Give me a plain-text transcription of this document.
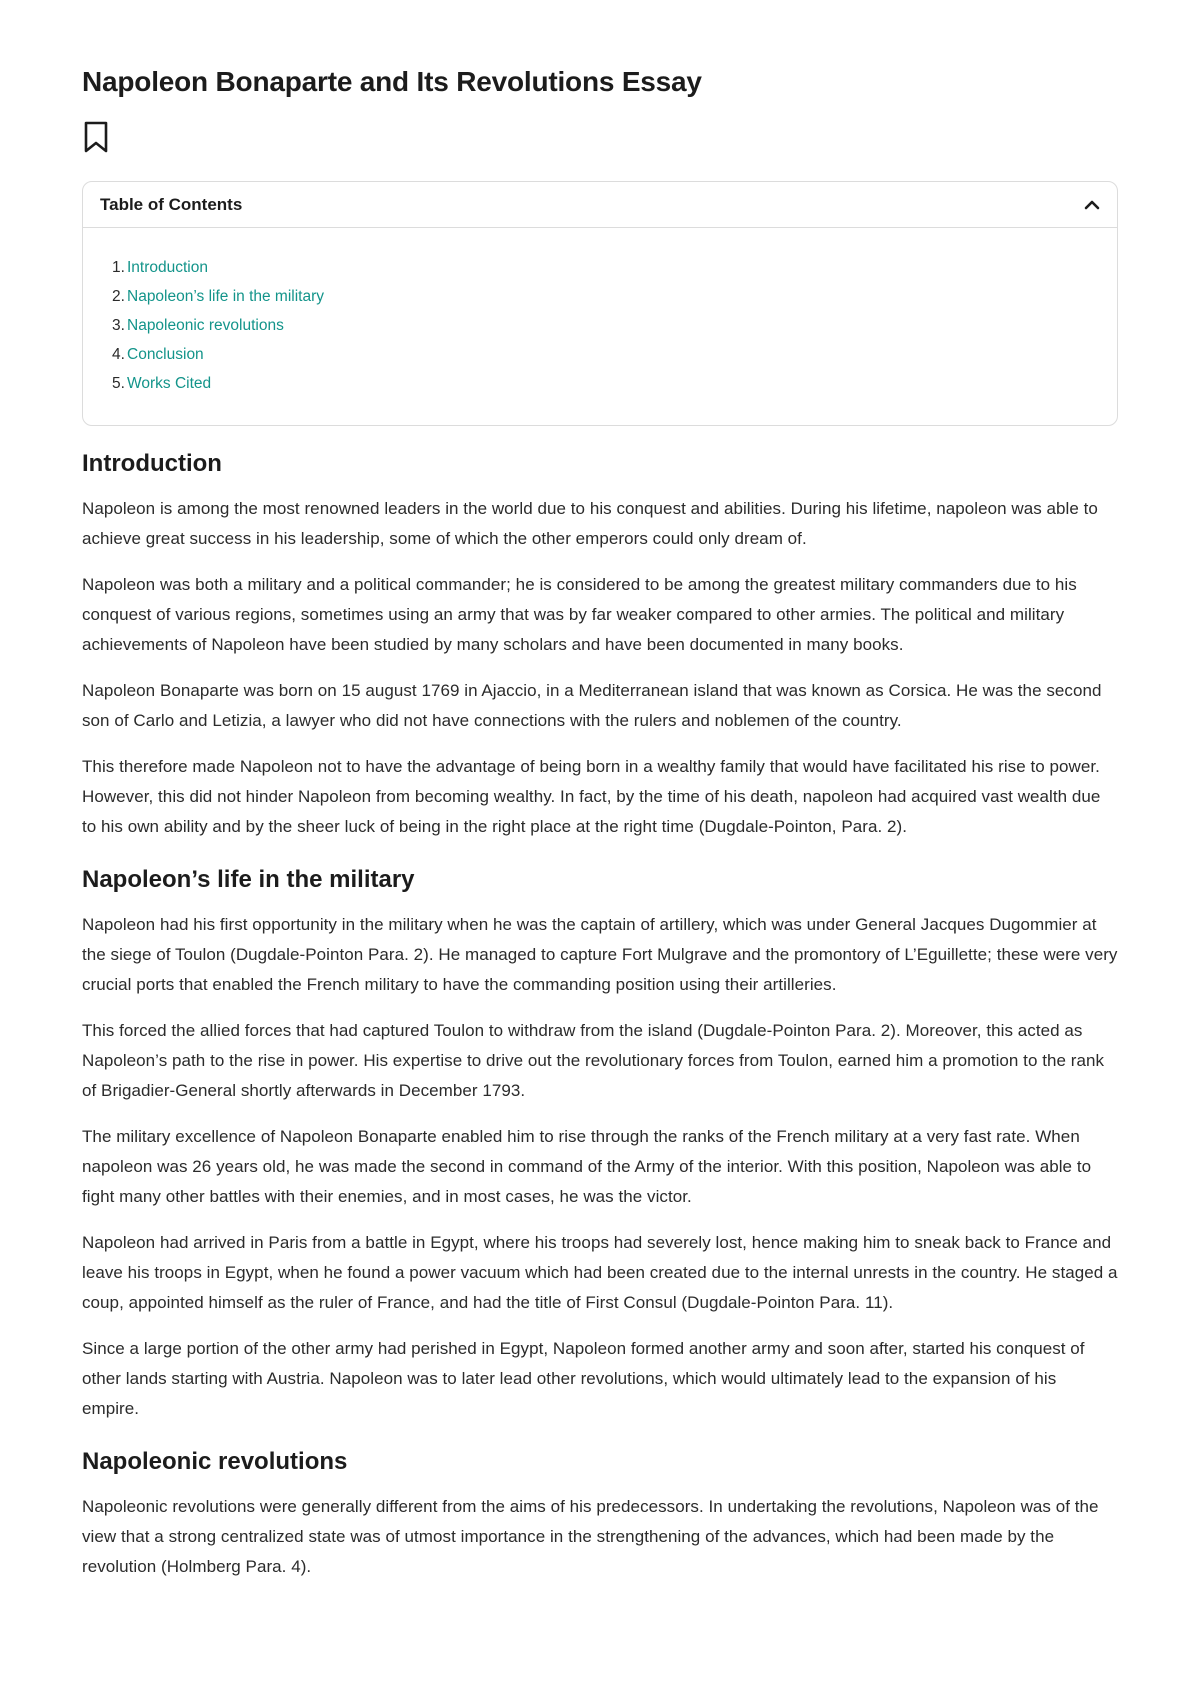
Napoleon Bonaparte and Its Revolutions Essay
Table of Contents
1. Introduction
2. Napoleon’s life in the military
3. Napoleonic revolutions
4. Conclusion
5. Works Cited
Introduction

Napoleon is among the most renowned leaders in the world due to his conquest and abilities. During his lifetime, napoleon was able to achieve great success in his leadership, some of which the other emperors could only dream of.

Napoleon was both a military and a political commander; he is considered to be among the greatest military commanders due to his conquest of various regions, sometimes using an army that was by far weaker compared to other armies. The political and military achievements of Napoleon have been studied by many scholars and have been documented in many books.

Napoleon Bonaparte was born on 15 august 1769 in Ajaccio, in a Mediterranean island that was known as Corsica. He was the second son of Carlo and Letizia, a lawyer who did not have connections with the rulers and noblemen of the country.

This therefore made Napoleon not to have the advantage of being born in a wealthy family that would have facilitated his rise to power. However, this did not hinder Napoleon from becoming wealthy. In fact, by the time of his death, napoleon had acquired vast wealth due to his own ability and by the sheer luck of being in the right place at the right time (Dugdale-Pointon, Para. 2).

Napoleon’s life in the military

Napoleon had his first opportunity in the military when he was the captain of artillery, which was under General Jacques Dugommier at the siege of Toulon (Dugdale-Pointon Para. 2). He managed to capture Fort Mulgrave and the promontory of L’Eguillette; these were very crucial ports that enabled the French military to have the commanding position using their artilleries.

This forced the allied forces that had captured Toulon to withdraw from the island (Dugdale-Pointon Para. 2). Moreover, this acted as Napoleon’s path to the rise in power. His expertise to drive out the revolutionary forces from Toulon, earned him a promotion to the rank of Brigadier-General shortly afterwards in December 1793.

The military excellence of Napoleon Bonaparte enabled him to rise through the ranks of the French military at a very fast rate. When napoleon was 26 years old, he was made the second in command of the Army of the interior. With this position, Napoleon was able to fight many other battles with their enemies, and in most cases, he was the victor.

Napoleon had arrived in Paris from a battle in Egypt, where his troops had severely lost, hence making him to sneak back to France and leave his troops in Egypt, when he found a power vacuum which had been created due to the internal unrests in the country. He staged a coup, appointed himself as the ruler of France, and had the title of First Consul (Dugdale-Pointon Para. 11).

Since a large portion of the other army had perished in Egypt, Napoleon formed another army and soon after, started his conquest of other lands starting with Austria. Napoleon was to later lead other revolutions, which would ultimately lead to the expansion of his empire.

Napoleonic revolutions

Napoleonic revolutions were generally different from the aims of his predecessors. In undertaking the revolutions, Napoleon was of the view that a strong centralized state was of utmost importance in the strengthening of the advances, which had been made by the revolution (Holmberg Para. 4).
